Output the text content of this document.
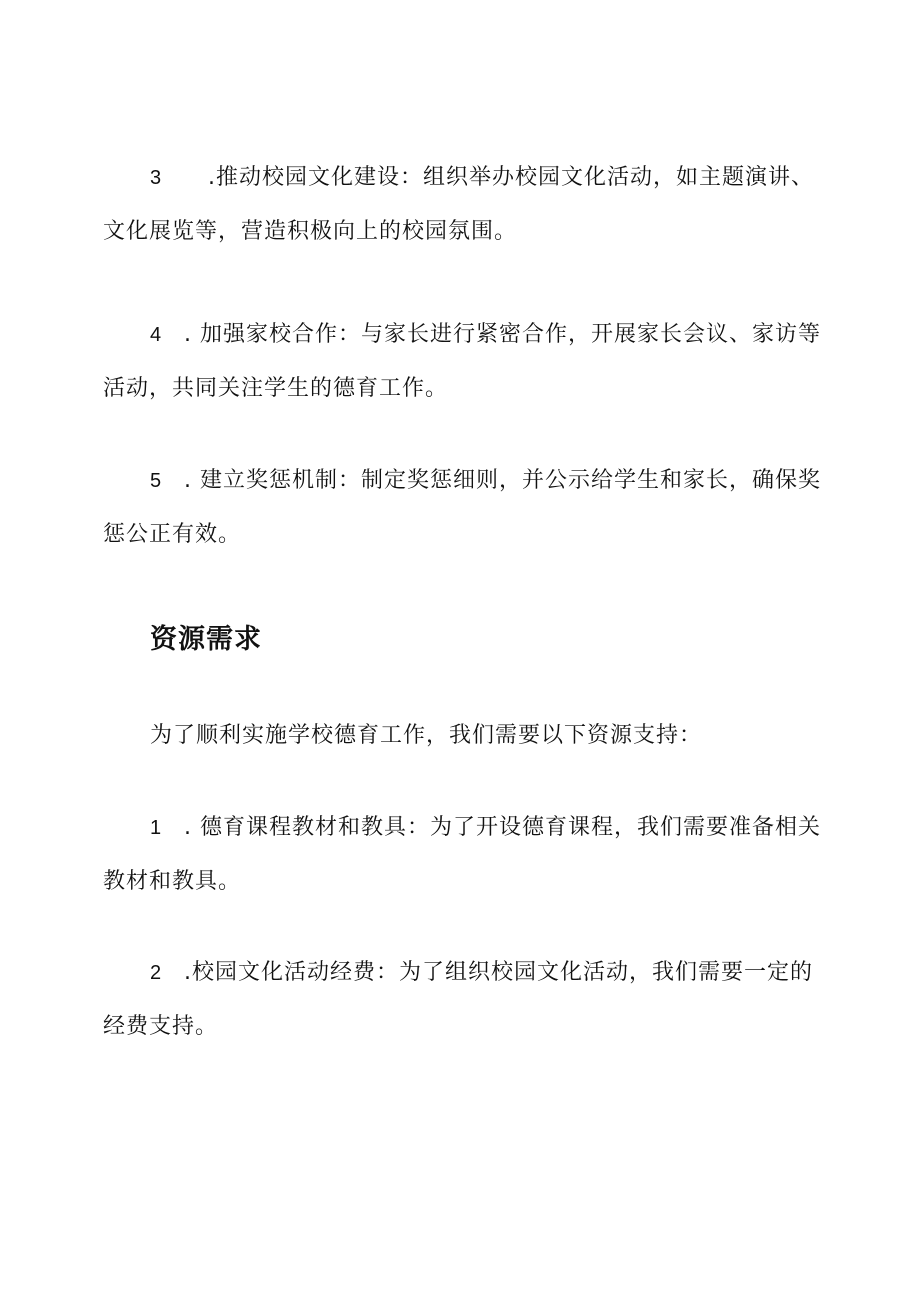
3 .推动校园文化建设：组织举办校园文化活动，如主题演讲、
文化展览等，营造积极向上的校园氛围。
4 . 加强家校合作：与家长进行紧密合作，开展家长会议、家访等
活动，共同关注学生的德育工作。
5 . 建立奖惩机制：制定奖惩细则，并公示给学生和家长，确保奖
惩公正有效。
资源需求

为了顺利实施学校德育工作，我们需要以下资源支持：

1 . 德育课程教材和教具：为了开设德育课程，我们需要准备相关
教材和教具。
2 .校园文化活动经费：为了组织校园文化活动，我们需要一定的
经费支持。
